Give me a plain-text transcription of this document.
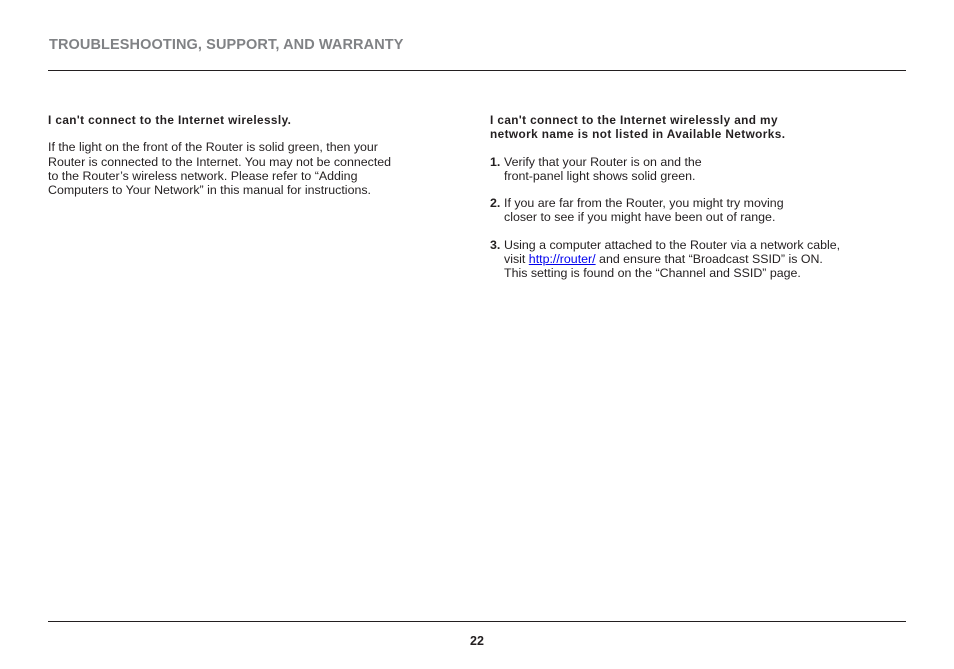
TROUBLESHOOTING, SUPPORT, AND WARRANTY

I can't connect to the Internet wirelessly.

If the light on the front of the Router is solid green, then your
Router is connected to the Internet. You may not be connected
to the Router’s wireless network. Please refer to “Adding
Computers to Your Network” in this manual for instructions.

I can't connect to the Internet wirelessly and my
network name is not listed in Available Networks.

1. Verify that your Router is on and the
front-panel light shows solid green.
2. If you are far from the Router, you might try moving
closer to see if you might have been out of range.
3. Using a computer attached to the Router via a network cable,
visit http://router/ and ensure that “Broadcast SSID” is ON.
This setting is found on the “Channel and SSID” page.
22
